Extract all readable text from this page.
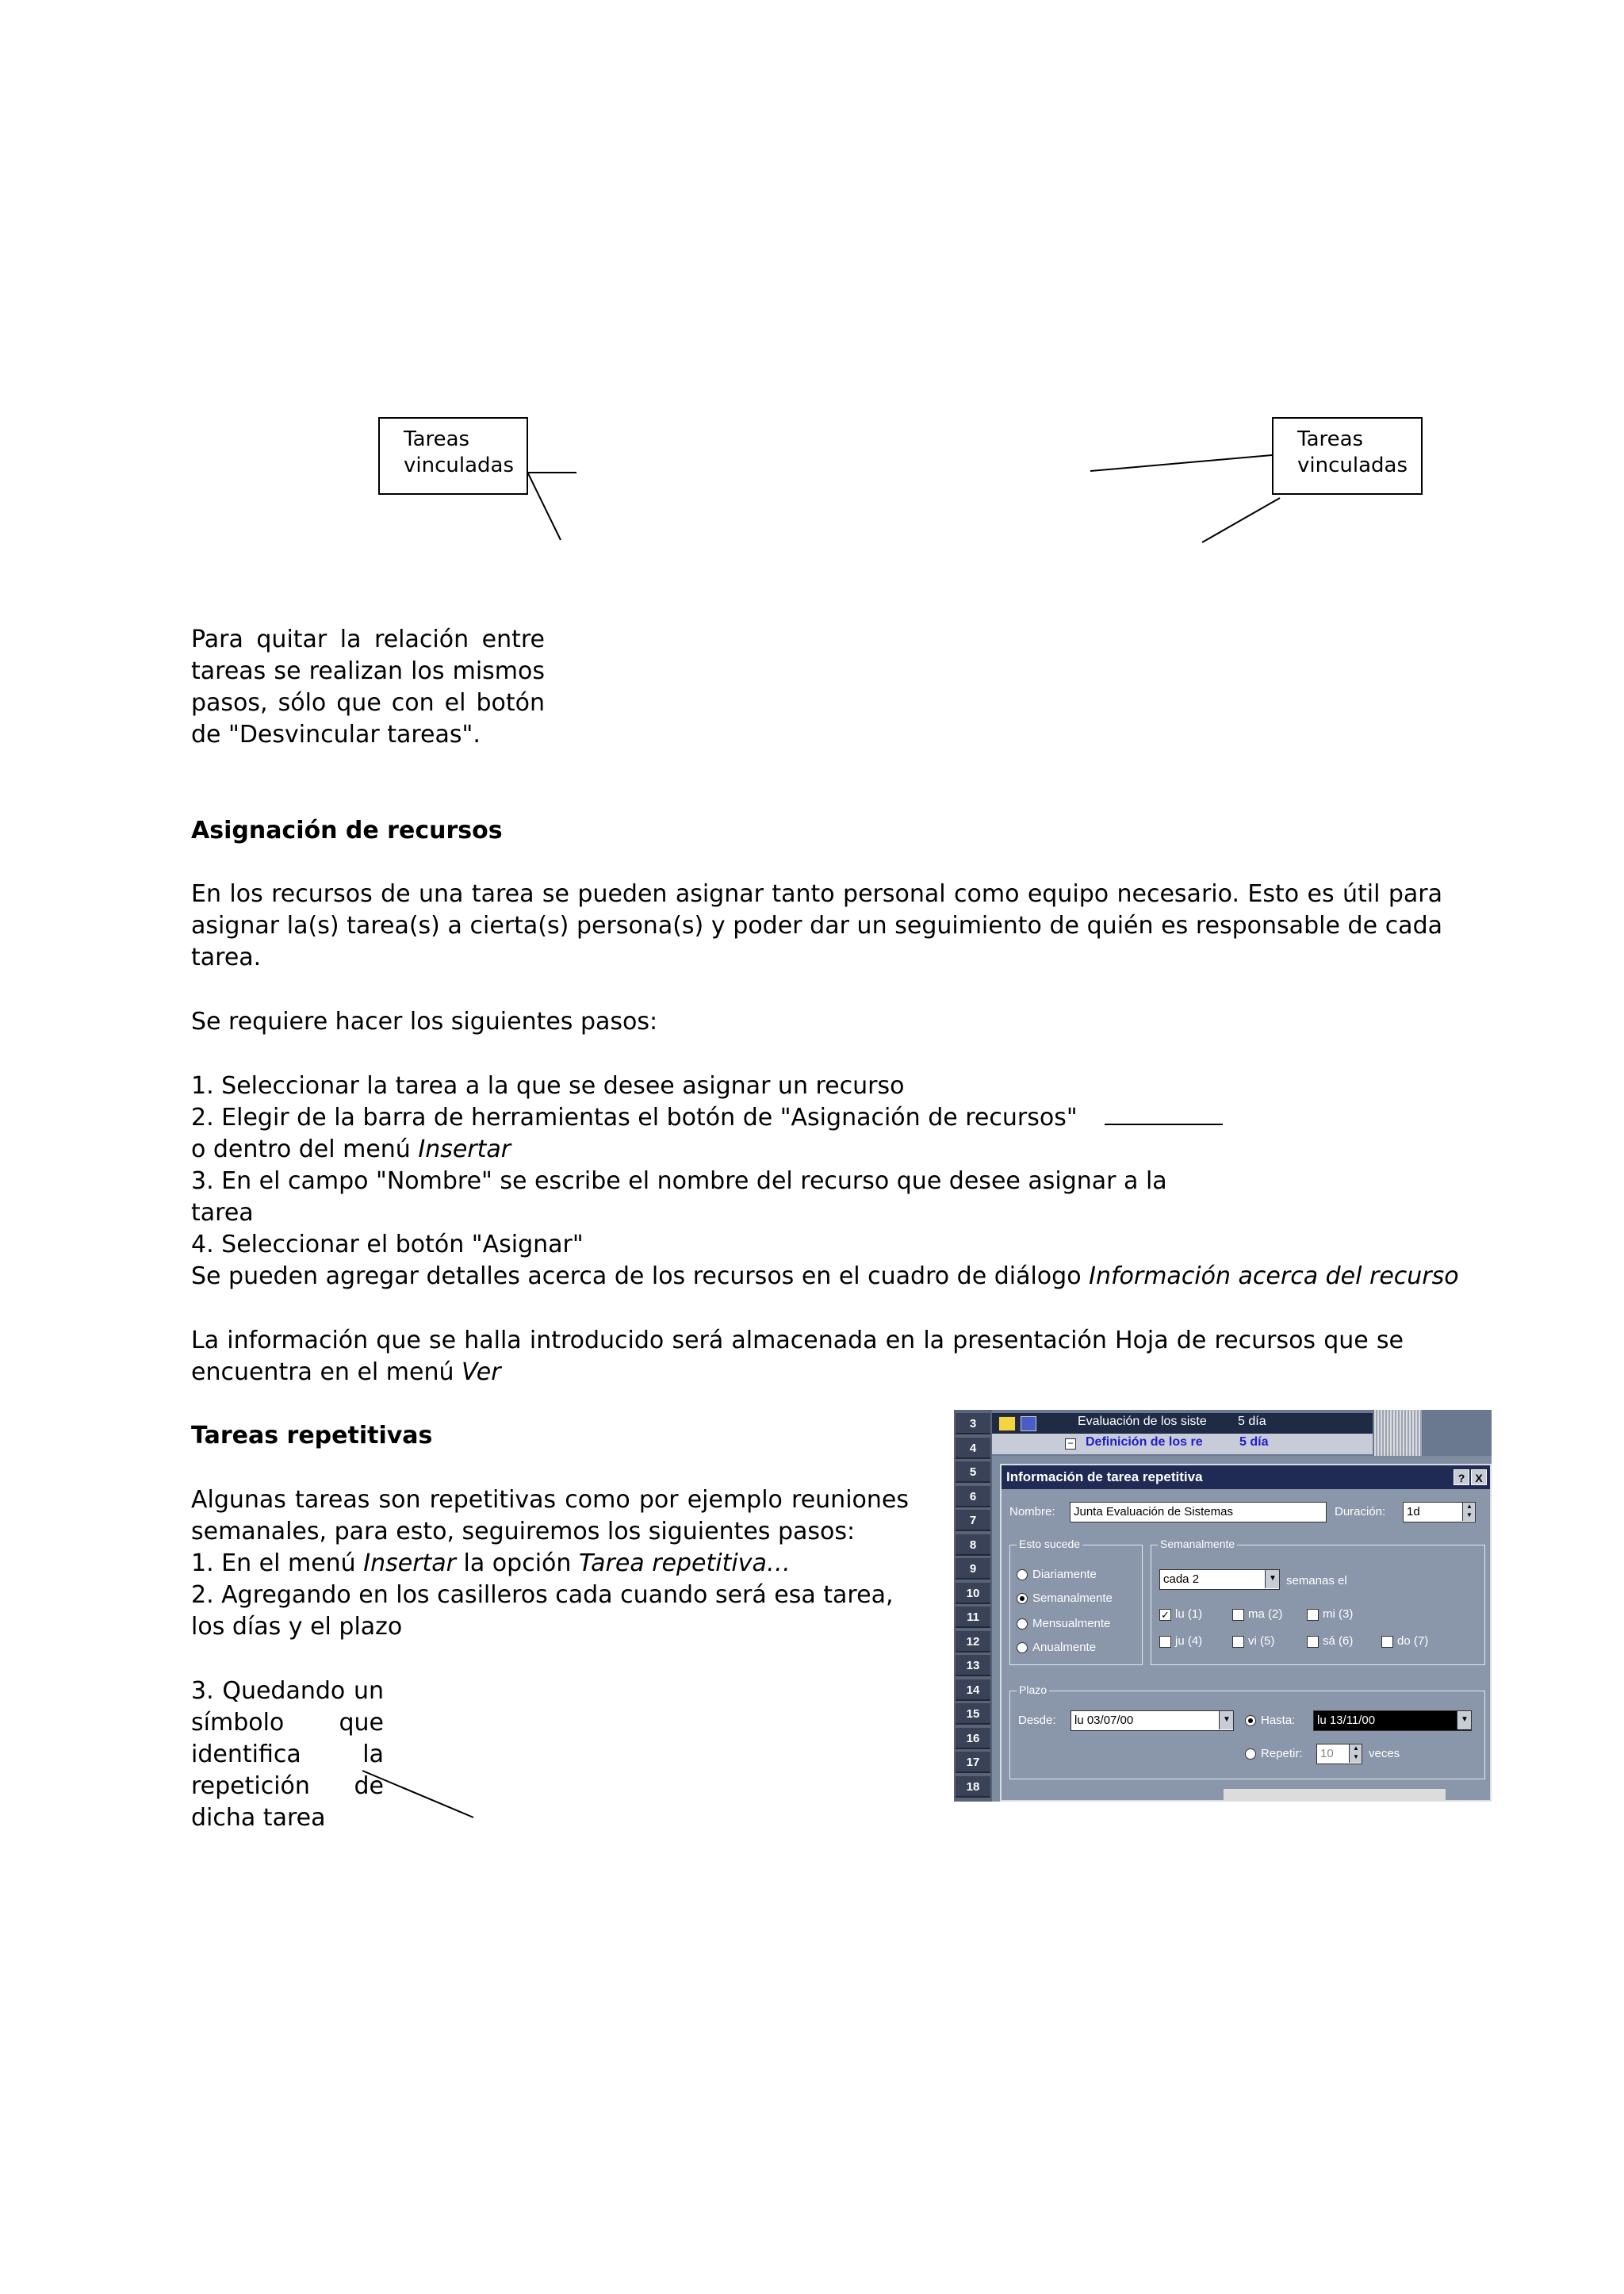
Tareas
vinculadas
Tareas
vinculadas
Para quitar la relación entre tareas se realizan los mismos pasos, sólo que con el botón de "Desvincular tareas".
Asignación de recursos
En los recursos de una tarea se pueden asignar tanto personal como equipo necesario. Esto es útil para asignar la(s) tarea(s) a cierta(s) persona(s) y poder dar un seguimiento de quién es responsable de cada tarea.
Se requiere hacer los siguientes pasos:
1. Seleccionar la tarea a la que se desee asignar un recurso
2. Elegir de la barra de herramientas el botón de "Asignación de recursos"
o dentro del menú Insertar
3. En el campo "Nombre" se escribe el nombre del recurso que desee asignar a la
tarea
4. Seleccionar el botón "Asignar"
Se pueden agregar detalles acerca de los recursos en el cuadro de diálogo Información acerca del recurso
La información que se halla introducido será almacenada en la presentación Hoja de recursos que se encuentra en el menú Ver
Tareas repetitivas
Algunas tareas son repetitivas como por ejemplo reuniones semanales, para esto, seguiremos los siguientes pasos:
1. En el menú Insertar la opción Tarea repetitiva…
2. Agregando en los casilleros cada cuando será esa tarea, los días y el plazo
3. Quedando un símbolo que identifica la repetición de dicha tarea
3
4
5
6
7
8
9
10
11
12
13
14
15
16
17
18
Evaluación de los siste 5 día
− Definición de los re	5 día
Información de tarea repetitiva	? X
Nombre:	Junta Evaluación de Sistemas	Duración:	1d	▲
▼
Esto sucede
Diariamente
Semanalmente
Mensualmente
Anualmente
Semanalmente
cada 2	▼ semanas el
✓ lu (1)	ma (2)	mi (3)
ju (4)	vi (5)	sá (6)	do (7)
Plazo
Desde:	lu 03/07/00	▼	Hasta:	lu 13/11/00	▼
Repetir:	10	▲
▼ veces
